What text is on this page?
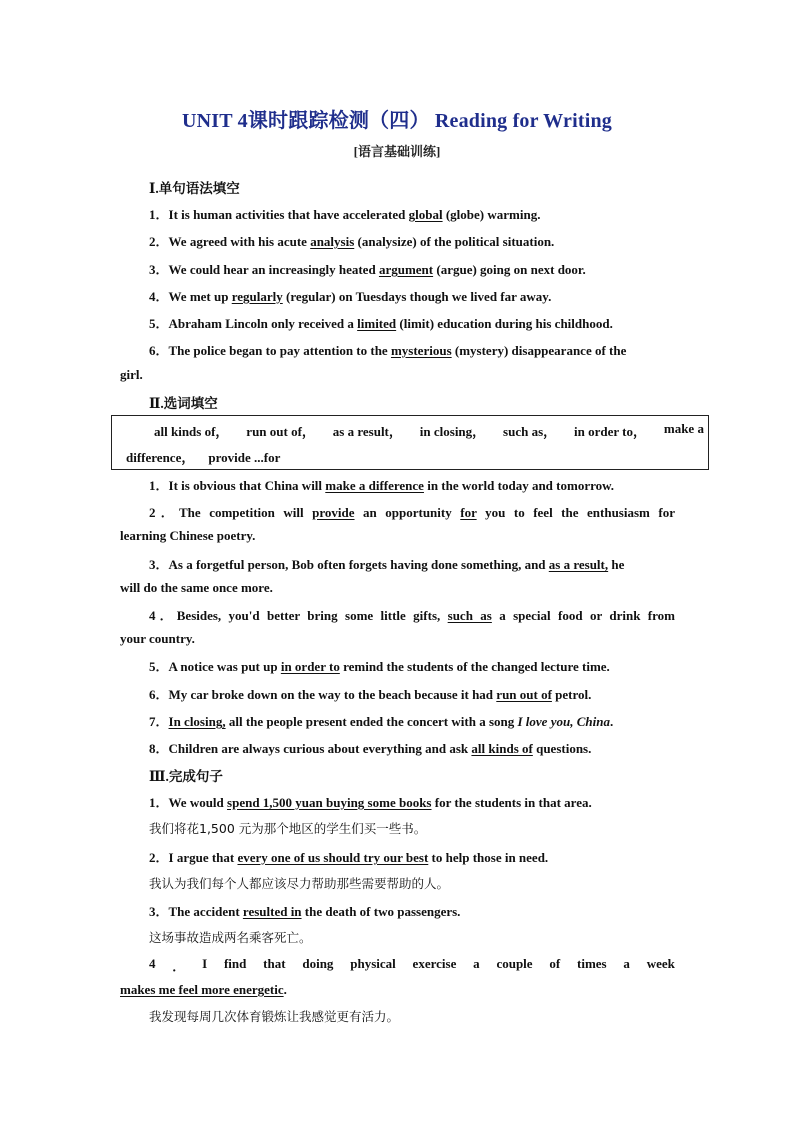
UNIT 4课时跟踪检测（四） Reading for Writing
[语言基础训练]
Ⅰ.单句语法填空
1．It is human activities that have accelerated global (globe) warming.
2．We agreed with his acute analysis (analysize) of the political situation.
3．We could hear an increasingly heated argument (argue) going on next door.
4．We met up regularly (regular) on Tuesdays though we lived far away.
5．Abraham Lincoln only received a limited (limit) education during his childhood.
6．The police began to pay attention to the mysterious (mystery) disappearance of the
girl.
Ⅱ.选词填空
all kinds of， run out of， as a result， in closing， such as， in order to， make a
difference， provide ...for
1．It is obvious that China will make a difference in the world today and tomorrow.
2．The competition will provide an opportunity for you to feel the enthusiasm for
learning Chinese poetry.
3．As a forgetful person, Bob often forgets having done something, and as a result, he
will do the same once more.
4．Besides, you'd better bring some little gifts, such as a special food or drink from
your country.
5．A notice was put up in order to remind the students of the changed lecture time.
6．My car broke down on the way to the beach because it had run out of petrol.
7．In closing, all the people present ended the concert with a song I love you, China.
8．Children are always curious about everything and ask all kinds of questions.
Ⅲ.完成句子
1．We would spend 1,500 yuan buying some books for the students in that area.
我们将花1,500 元为那个地区的学生们买一些书。
2．I argue that every one of us should try our best to help those in need.
我认为我们每个人都应该尽力帮助那些需要帮助的人。
3．The accident resulted in the death of two passengers.
这场事故造成两名乘客死亡。
4 ． I find that doing physical exercise a couple of times a week
makes me feel more energetic.
我发现每周几次体育锻炼让我感觉更有活力。
